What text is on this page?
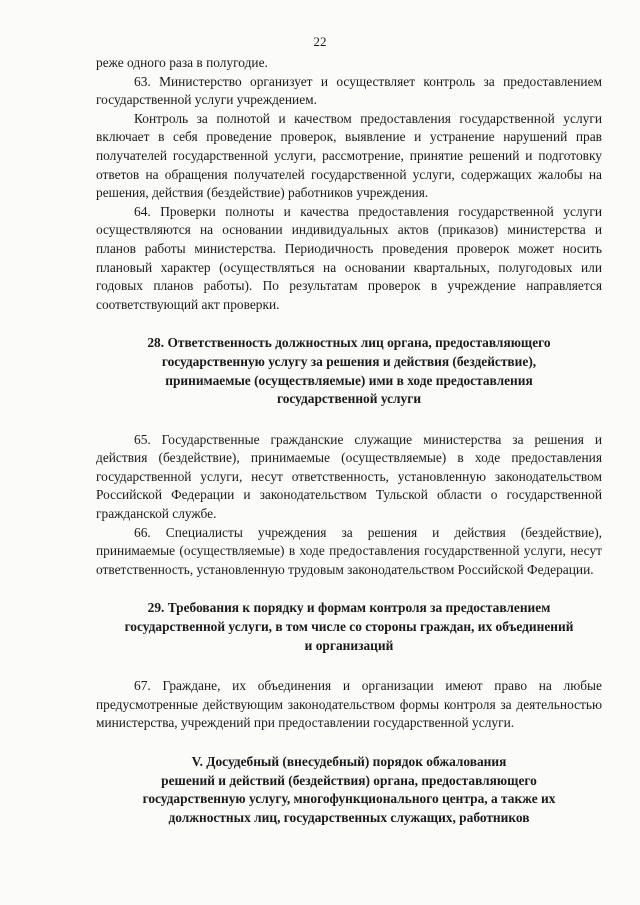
22

реже одного раза в полугодие.

63. Министерство организует и осуществляет контроль за предоставлением государственной услуги учреждением.

Контроль за полнотой и качеством предоставления государственной услуги включает в себя проведение проверок, выявление и устранение нарушений прав получателей государственной услуги, рассмотрение, принятие решений и подготовку ответов на обращения получателей государственной услуги, содержащих жалобы на решения, действия (бездействие) работников учреждения.

64. Проверки полноты и качества предоставления государственной услуги осуществляются на основании индивидуальных актов (приказов) министерства и планов работы министерства. Периодичность проведения проверок может носить плановый характер (осуществляться на основании квартальных, полугодовых или годовых планов работы). По результатам проверок в учреждение направляется соответствующий акт проверки.

28. Ответственность должностных лиц органа, предоставляющего

государственную услугу за решения и действия (бездействие),

принимаемые (осуществляемые) ими в ходе предоставления

государственной услуги

65. Государственные гражданские служащие министерства за решения и действия (бездействие), принимаемые (осуществляемые) в ходе предоставления государственной услуги, несут ответственность, установленную законодательством Российской Федерации и законодательством Тульской области о государственной гражданской службе.

66. Специалисты учреждения за решения и действия (бездействие), принимаемые (осуществляемые) в ходе предоставления государственной услуги, несут ответственность, установленную трудовым законодательством Российской Федерации.

29. Требования к порядку и формам контроля за предоставлением

государственной услуги, в том числе со стороны граждан, их объединений

и организаций

67. Граждане, их объединения и организации имеют право на любые предусмотренные действующим законодательством формы контроля за деятельностью министерства, учреждений при предоставлении государственной услуги.

V. Досудебный (внесудебный) порядок обжалования

решений и действий (бездействия) органа, предоставляющего

государственную услугу, многофункционального центра, а также их

должностных лиц, государственных служащих, работников
